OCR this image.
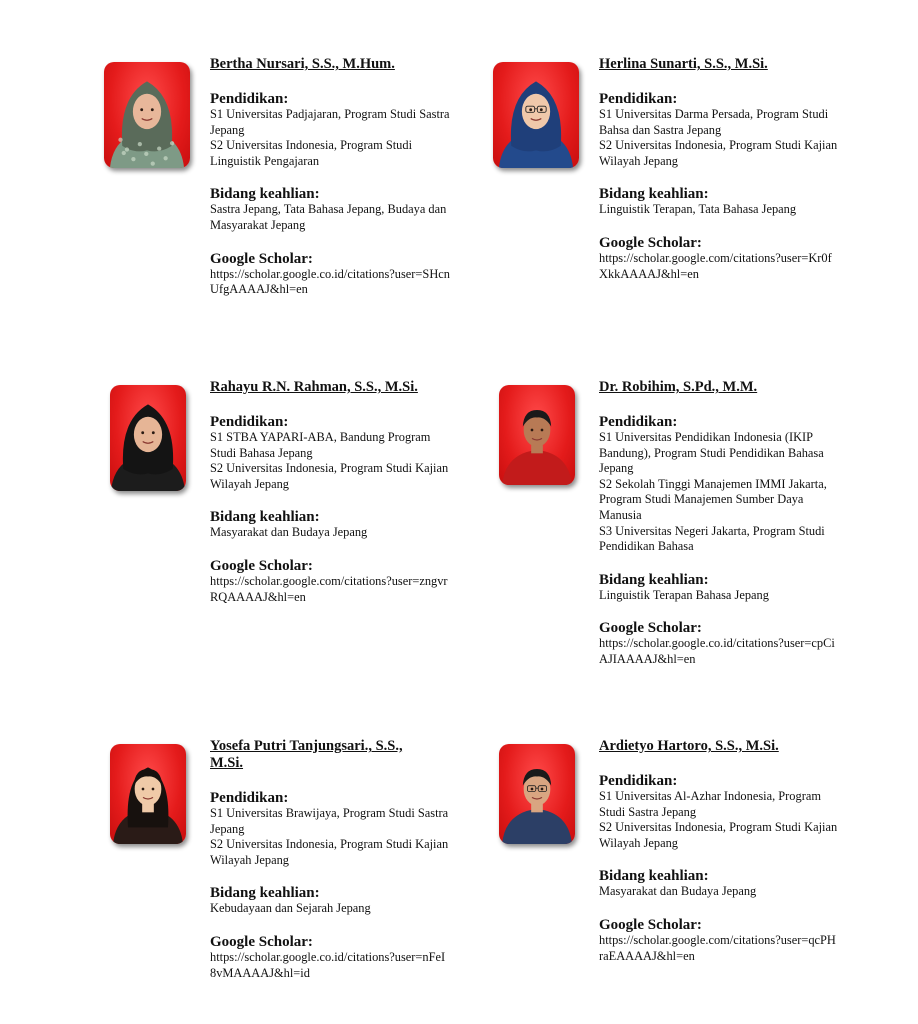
Bertha Nursari, S.S., M.Hum.

Pendidikan:

S1 Universitas Padjajaran, Program Studi Sastra Jepang

S2 Universitas Indonesia, Program Studi Linguistik Pengajaran

Bidang keahlian:

Sastra Jepang, Tata Bahasa Jepang, Budaya dan Masyarakat Jepang

Google Scholar:

https://scholar.google.co.id/citations?user=SHcnUfgAAAAJ&hl=en

Herlina Sunarti, S.S., M.Si.

Pendidikan:

S1 Universitas Darma Persada, Program Studi Bahsa dan Sastra Jepang

S2 Universitas Indonesia, Program Studi Kajian Wilayah Jepang

Bidang keahlian:

Linguistik Terapan, Tata Bahasa Jepang

Google Scholar:

https://scholar.google.com/citations?user=Kr0fXkkAAAAJ&hl=en

Rahayu R.N. Rahman, S.S., M.Si.

Pendidikan:

S1 STBA YAPARI-ABA, Bandung Program Studi Bahasa Jepang

S2 Universitas Indonesia, Program Studi Kajian Wilayah Jepang

Bidang keahlian:

Masyarakat dan Budaya Jepang

Google Scholar:

https://scholar.google.com/citations?user=zngvrRQAAAAJ&hl=en

Dr. Robihim, S.Pd., M.M.

Pendidikan:

S1 Universitas Pendidikan Indonesia (IKIP Bandung), Program Studi Pendidikan Bahasa Jepang

S2 Sekolah Tinggi Manajemen IMMI Jakarta, Program Studi Manajemen Sumber Daya Manusia

S3 Universitas Negeri Jakarta, Program Studi Pendidikan Bahasa

Bidang keahlian:

Linguistik Terapan Bahasa Jepang

Google Scholar:

https://scholar.google.co.id/citations?user=cpCiAJIAAAAJ&hl=en

Yosefa Putri Tanjungsari., S.S., M.Si.

Pendidikan:

S1 Universitas Brawijaya, Program Studi Sastra Jepang

S2 Universitas Indonesia, Program Studi Kajian Wilayah Jepang

Bidang keahlian:

Kebudayaan dan Sejarah Jepang

Google Scholar:

https://scholar.google.co.id/citations?user=nFeI8vMAAAAJ&hl=id

Ardietyo Hartoro, S.S., M.Si.

Pendidikan:

S1 Universitas Al-Azhar Indonesia, Program Studi Sastra Jepang

S2 Universitas Indonesia, Program Studi Kajian Wilayah Jepang

Bidang keahlian:

Masyarakat dan Budaya Jepang

Google Scholar:

https://scholar.google.com/citations?user=qcPHraEAAAAJ&hl=en
